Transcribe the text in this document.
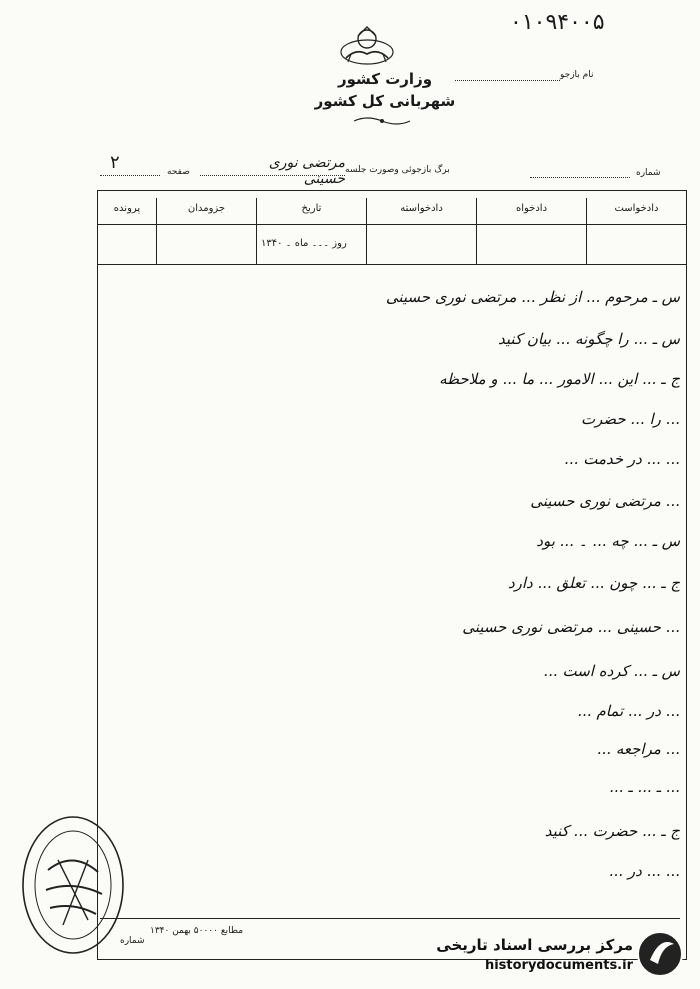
۰۱۰۹۴۰۰۵
وزارت کشور
شهربانی کل کشور
نام بازجو
شماره
برگ بازجوئی وصورت جلسه
مرتضی نوری حسینی
صفحه
۲
دادخواست
دادخواه
دادخواسته
تاریخ
جزومدان
پرونده
روز ۔۔۔ ماه ۔ ۱۳۴۰
س ـ مرحوم ... از نظر ... مرتضی نوری حسینی
س ـ ... را چگونه ... بیان کنید
ج ـ ... این ... الامور ... ما ... و ملاحظه
... را ... حضرت
... ... در خدمت ...
... مرتضی نوری حسینی
س ـ ... چه ... ۔ ... بود
ج ـ ... چون ... تعلق ... دارد
... حسینی ... مرتضی نوری حسینی
س ـ ... کرده است ...
... در ... تمام ...
... مراجعه ...
... ـ ... ـ ...
ج ـ ... حضرت ... کنید
... ... در ...
مطابع ۵۰۰۰۰ بهمن ۱۳۴۰
شماره	مرکز بررسی اسناد تاریخی
historydocuments.ir
